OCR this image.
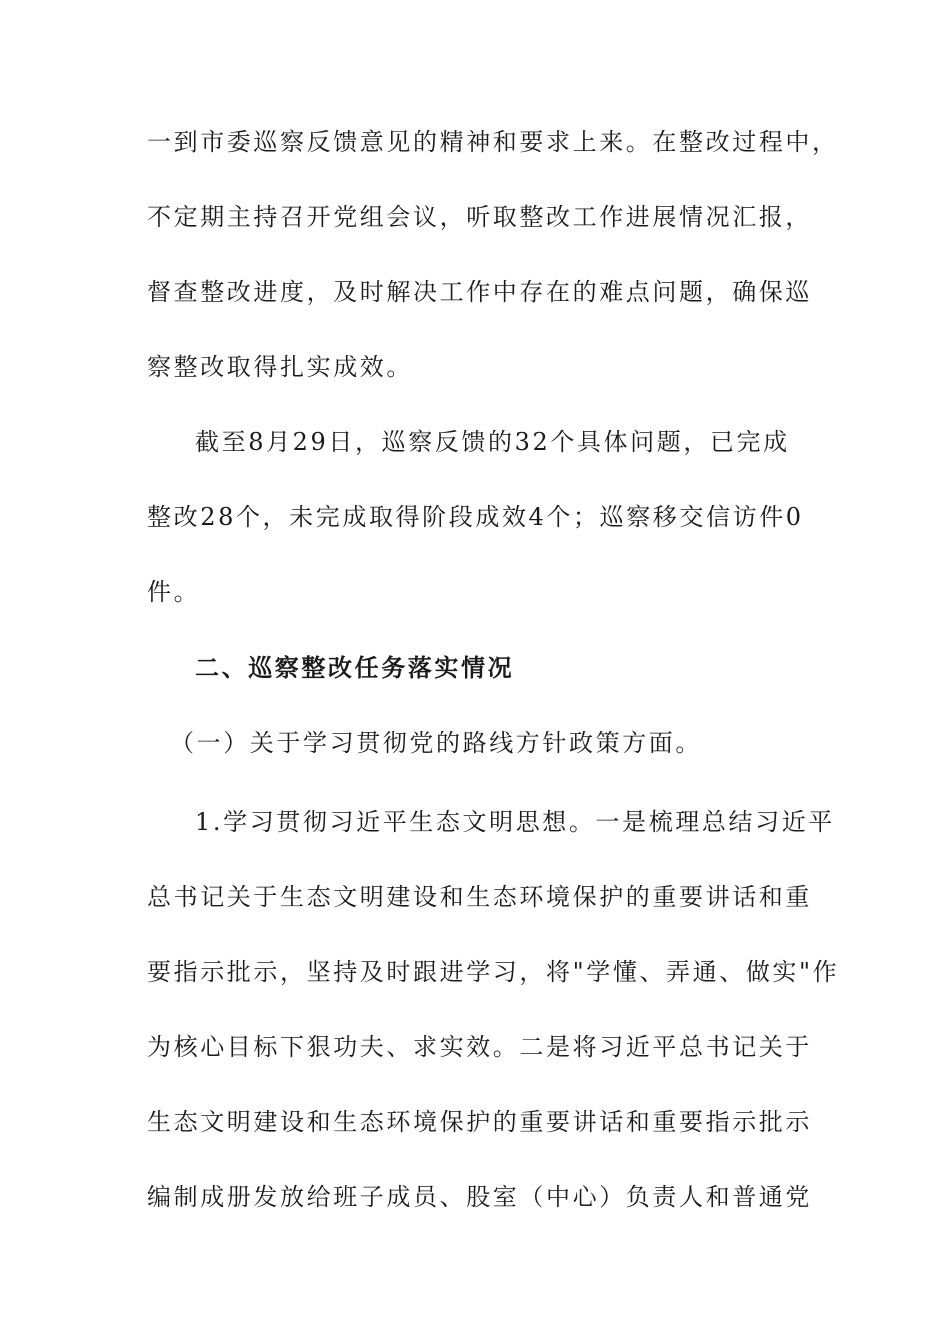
一到市委巡察反馈意见的精神和要求上来。在整改过程中，
不定期主持召开党组会议，听取整改工作进展情况汇报，
督查整改进度，及时解决工作中存在的难点问题，确保巡
察整改取得扎实成效。
截至8月29日，巡察反馈的32个具体问题，已完成
整改28个，未完成取得阶段成效4个；巡察移交信访件0
件。
二、巡察整改任务落实情况
（一）关于学习贯彻党的路线方针政策方面。
1.学习贯彻习近平生态文明思想。一是梳理总结习近平
总书记关于生态文明建设和生态环境保护的重要讲话和重
要指示批示，坚持及时跟进学习，将"学懂、弄通、做实"作
为核心目标下狠功夫、求实效。二是将习近平总书记关于
生态文明建设和生态环境保护的重要讲话和重要指示批示
编制成册发放给班子成员、股室（中心）负责人和普通党
